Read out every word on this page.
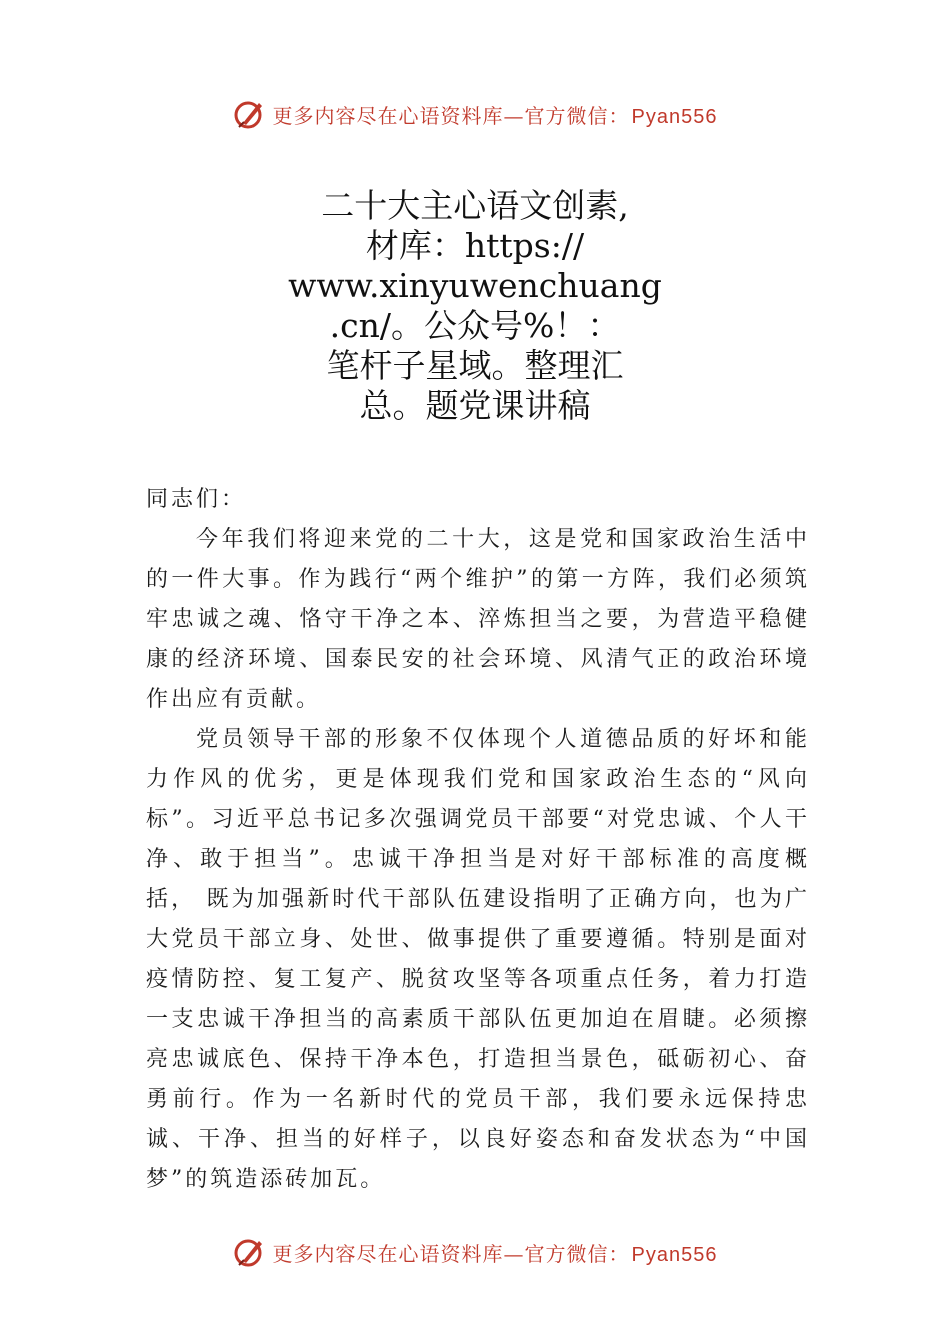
更多内容尽在心语资料库—官方微信： Pyan556
二十大主心语文创素,
材库：https://
www.xinyuwenchuang
.cn/。公众号%！：
笔杆子星域。整理汇
总。题党课讲稿
同志们：

今年我们将迎来党的二十大，这是党和国家政治生活中的一件大事。作为践行“两个维护”的第一方阵，我们必须筑牢忠诚之魂、恪守干净之本、淬炼担当之要，为营造平稳健康的经济环境、国泰民安的社会环境、风清气正的政治环境作出应有贡献。

党员领导干部的形象不仅体现个人道德品质的好坏和能力作风的优劣，更是体现我们党和国家政治生态的“风向标”。习近平总书记多次强调党员干部要“对党忠诚、个人干净、敢于担当”。忠诚干净担当是对好干部标准的高度概括， 既为加强新时代干部队伍建设指明了正确方向，也为广大党员干部立身、处世、做事提供了重要遵循。特别是面对疫情防控、复工复产、脱贫攻坚等各项重点任务，着力打造一支忠诚干净担当的高素质干部队伍更加迫在眉睫。必须擦亮忠诚底色、保持干净本色，打造担当景色，砥砺初心、奋勇前行。作为一名新时代的党员干部，我们要永远保持忠诚、干净、担当的好样子，以良好姿态和奋发状态为“中国梦”的筑造添砖加瓦。

更多内容尽在心语资料库—官方微信： Pyan556
